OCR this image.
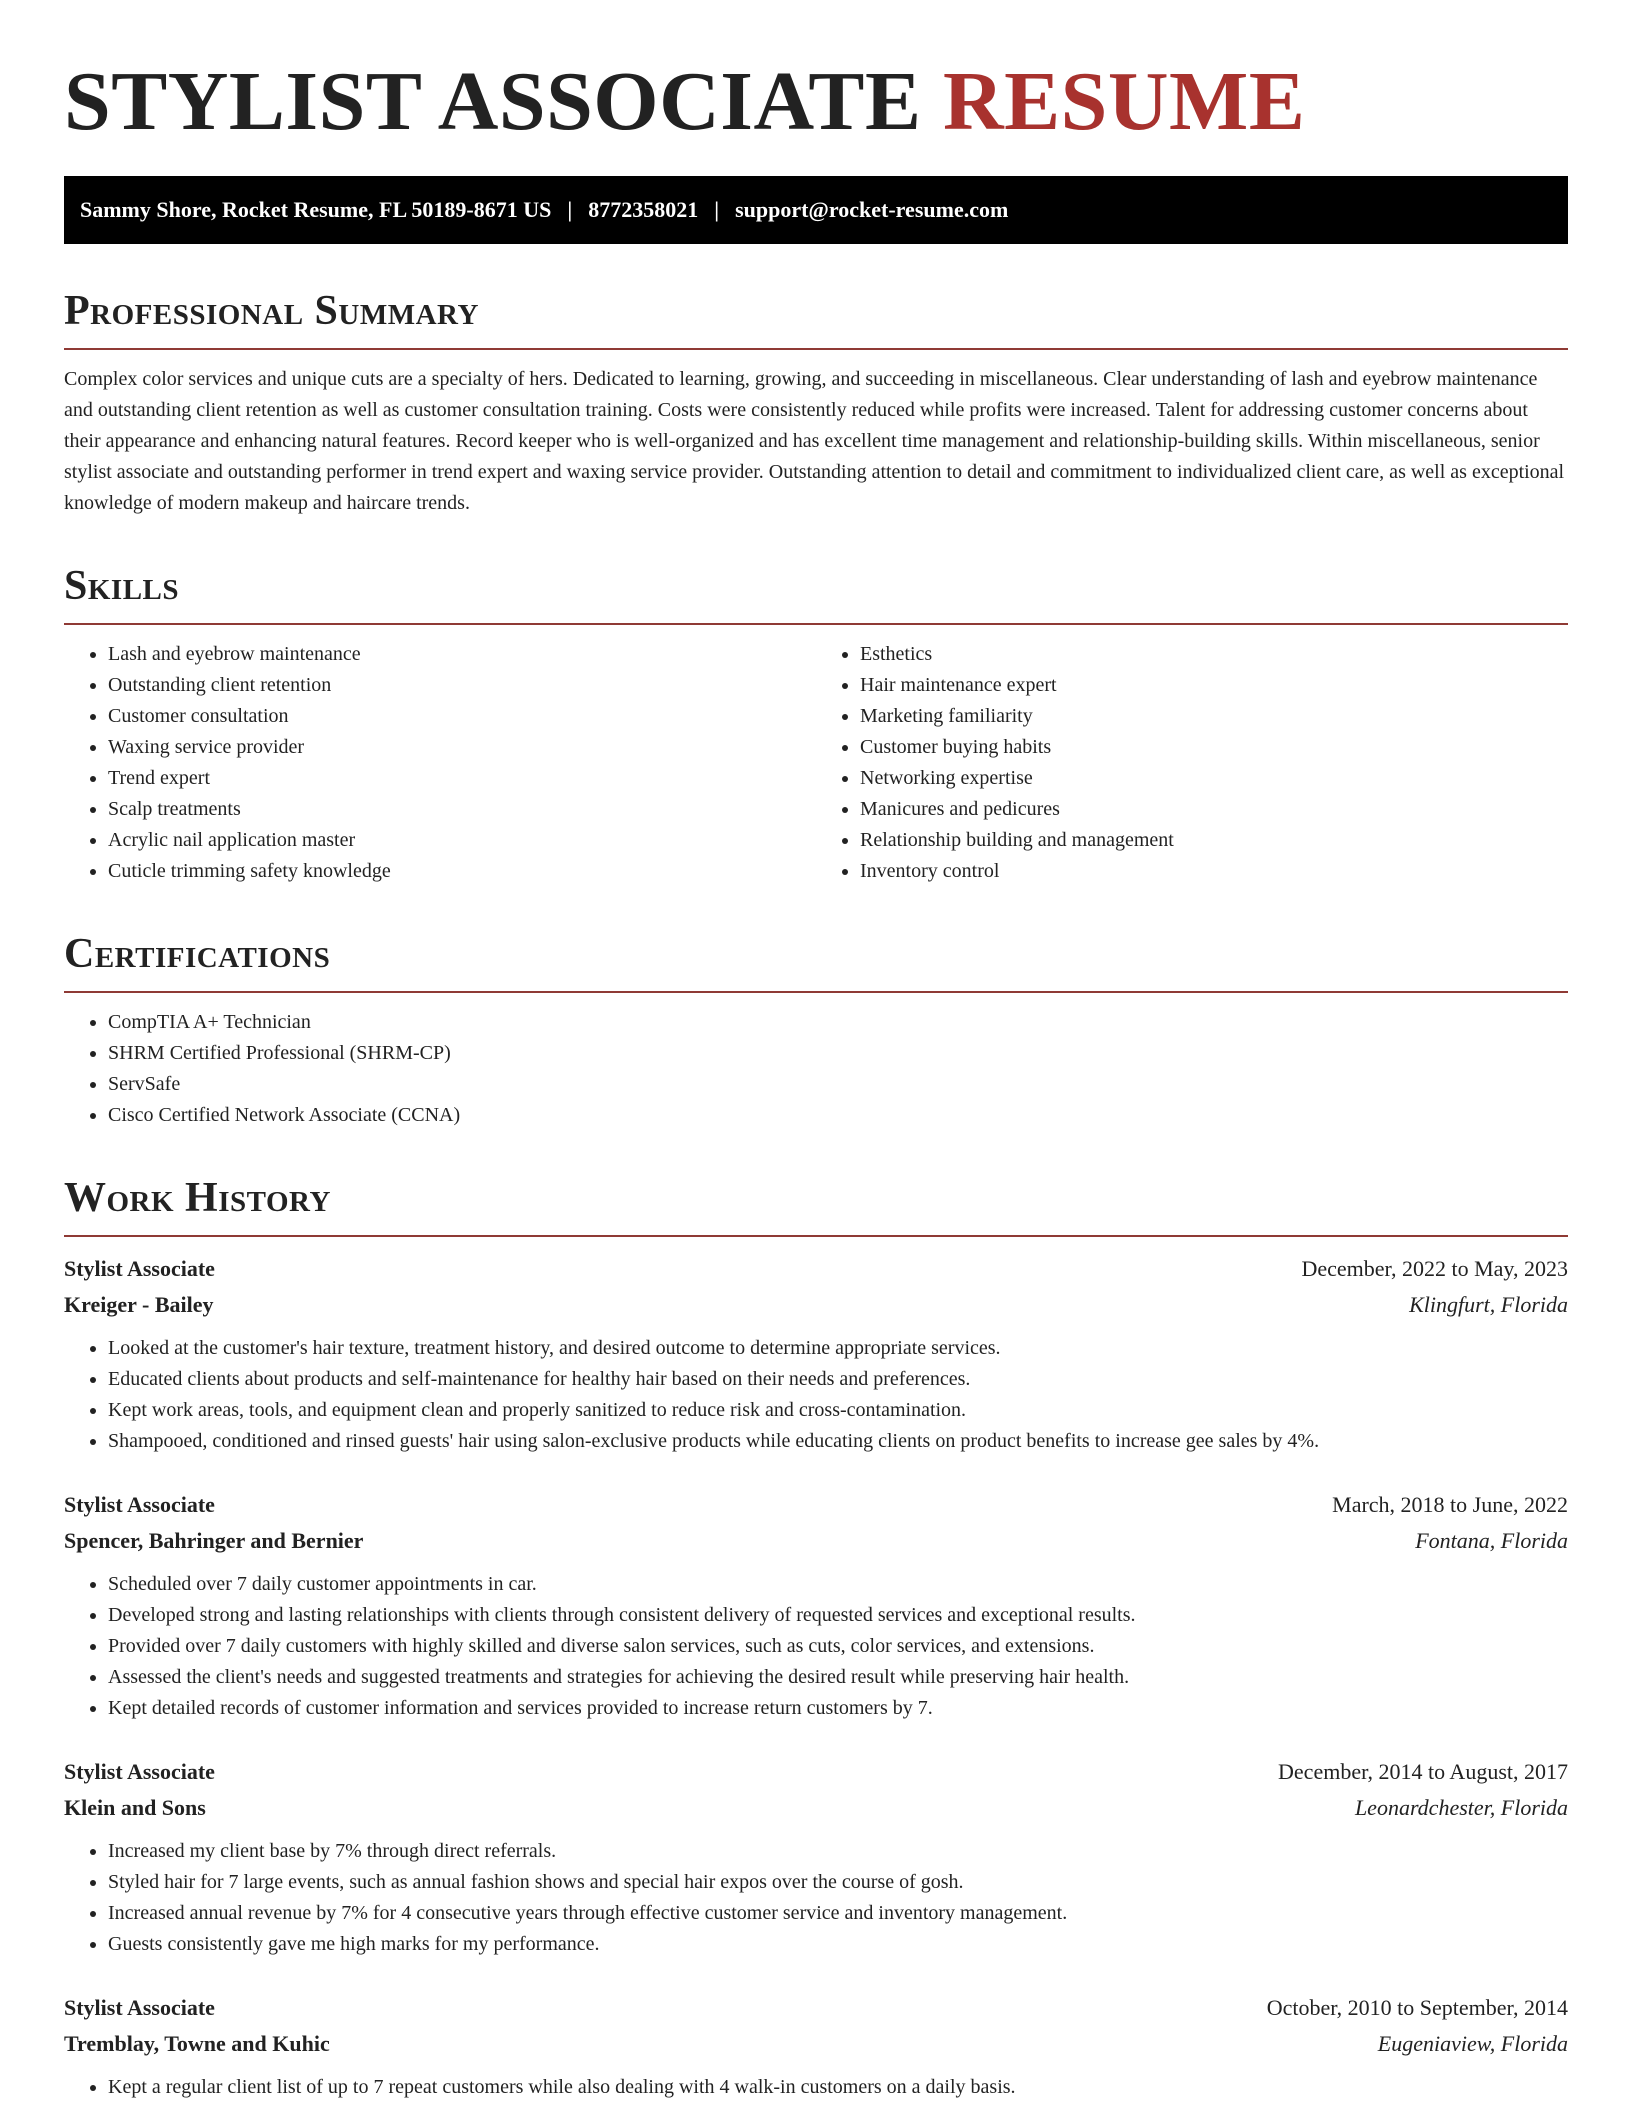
STYLIST ASSOCIATE RESUME
Sammy Shore, Rocket Resume, FL 50189-8671 US | 8772358021 | support@rocket-resume.com
Professional Summary

Complex color services and unique cuts are a specialty of hers. Dedicated to learning, growing, and succeeding in miscellaneous. Clear understanding of lash and eyebrow maintenance and outstanding client retention as well as customer consultation training. Costs were consistently reduced while profits were increased. Talent for addressing customer concerns about their appearance and enhancing natural features. Record keeper who is well-organized and has excellent time management and relationship-building skills. Within miscellaneous, senior stylist associate and outstanding performer in trend expert and waxing service provider. Outstanding attention to detail and commitment to individualized client care, as well as exceptional knowledge of modern makeup and haircare trends.

Skills
• Lash and eyebrow maintenance
• Outstanding client retention
• Customer consultation
• Waxing service provider
• Trend expert
• Scalp treatments
• Acrylic nail application master
• Cuticle trimming safety knowledge
• Esthetics
• Hair maintenance expert
• Marketing familiarity
• Customer buying habits
• Networking expertise
• Manicures and pedicures
• Relationship building and management
• Inventory control
Certifications
• CompTIA A+ Technician
• SHRM Certified Professional (SHRM-CP)
• ServSafe
• Cisco Certified Network Associate (CCNA)
Work History
Stylist Associate	December, 2022 to May, 2023
Kreiger - Bailey	Klingfurt, Florida
• Looked at the customer's hair texture, treatment history, and desired outcome to determine appropriate services.
• Educated clients about products and self-maintenance for healthy hair based on their needs and preferences.
• Kept work areas, tools, and equipment clean and properly sanitized to reduce risk and cross-contamination.
• Shampooed, conditioned and rinsed guests' hair using salon-exclusive products while educating clients on product benefits to increase gee sales by 4%.
Stylist Associate	March, 2018 to June, 2022
Spencer, Bahringer and Bernier	Fontana, Florida
• Scheduled over 7 daily customer appointments in car.
• Developed strong and lasting relationships with clients through consistent delivery of requested services and exceptional results.
• Provided over 7 daily customers with highly skilled and diverse salon services, such as cuts, color services, and extensions.
• Assessed the client's needs and suggested treatments and strategies for achieving the desired result while preserving hair health.
• Kept detailed records of customer information and services provided to increase return customers by 7.
Stylist Associate	December, 2014 to August, 2017
Klein and Sons	Leonardchester, Florida
• Increased my client base by 7% through direct referrals.
• Styled hair for 7 large events, such as annual fashion shows and special hair expos over the course of gosh.
• Increased annual revenue by 7% for 4 consecutive years through effective customer service and inventory management.
• Guests consistently gave me high marks for my performance.
Stylist Associate	October, 2010 to September, 2014
Tremblay, Towne and Kuhic	Eugeniaview, Florida
• Kept a regular client list of up to 7 repeat customers while also dealing with 4 walk-in customers on a daily basis.
